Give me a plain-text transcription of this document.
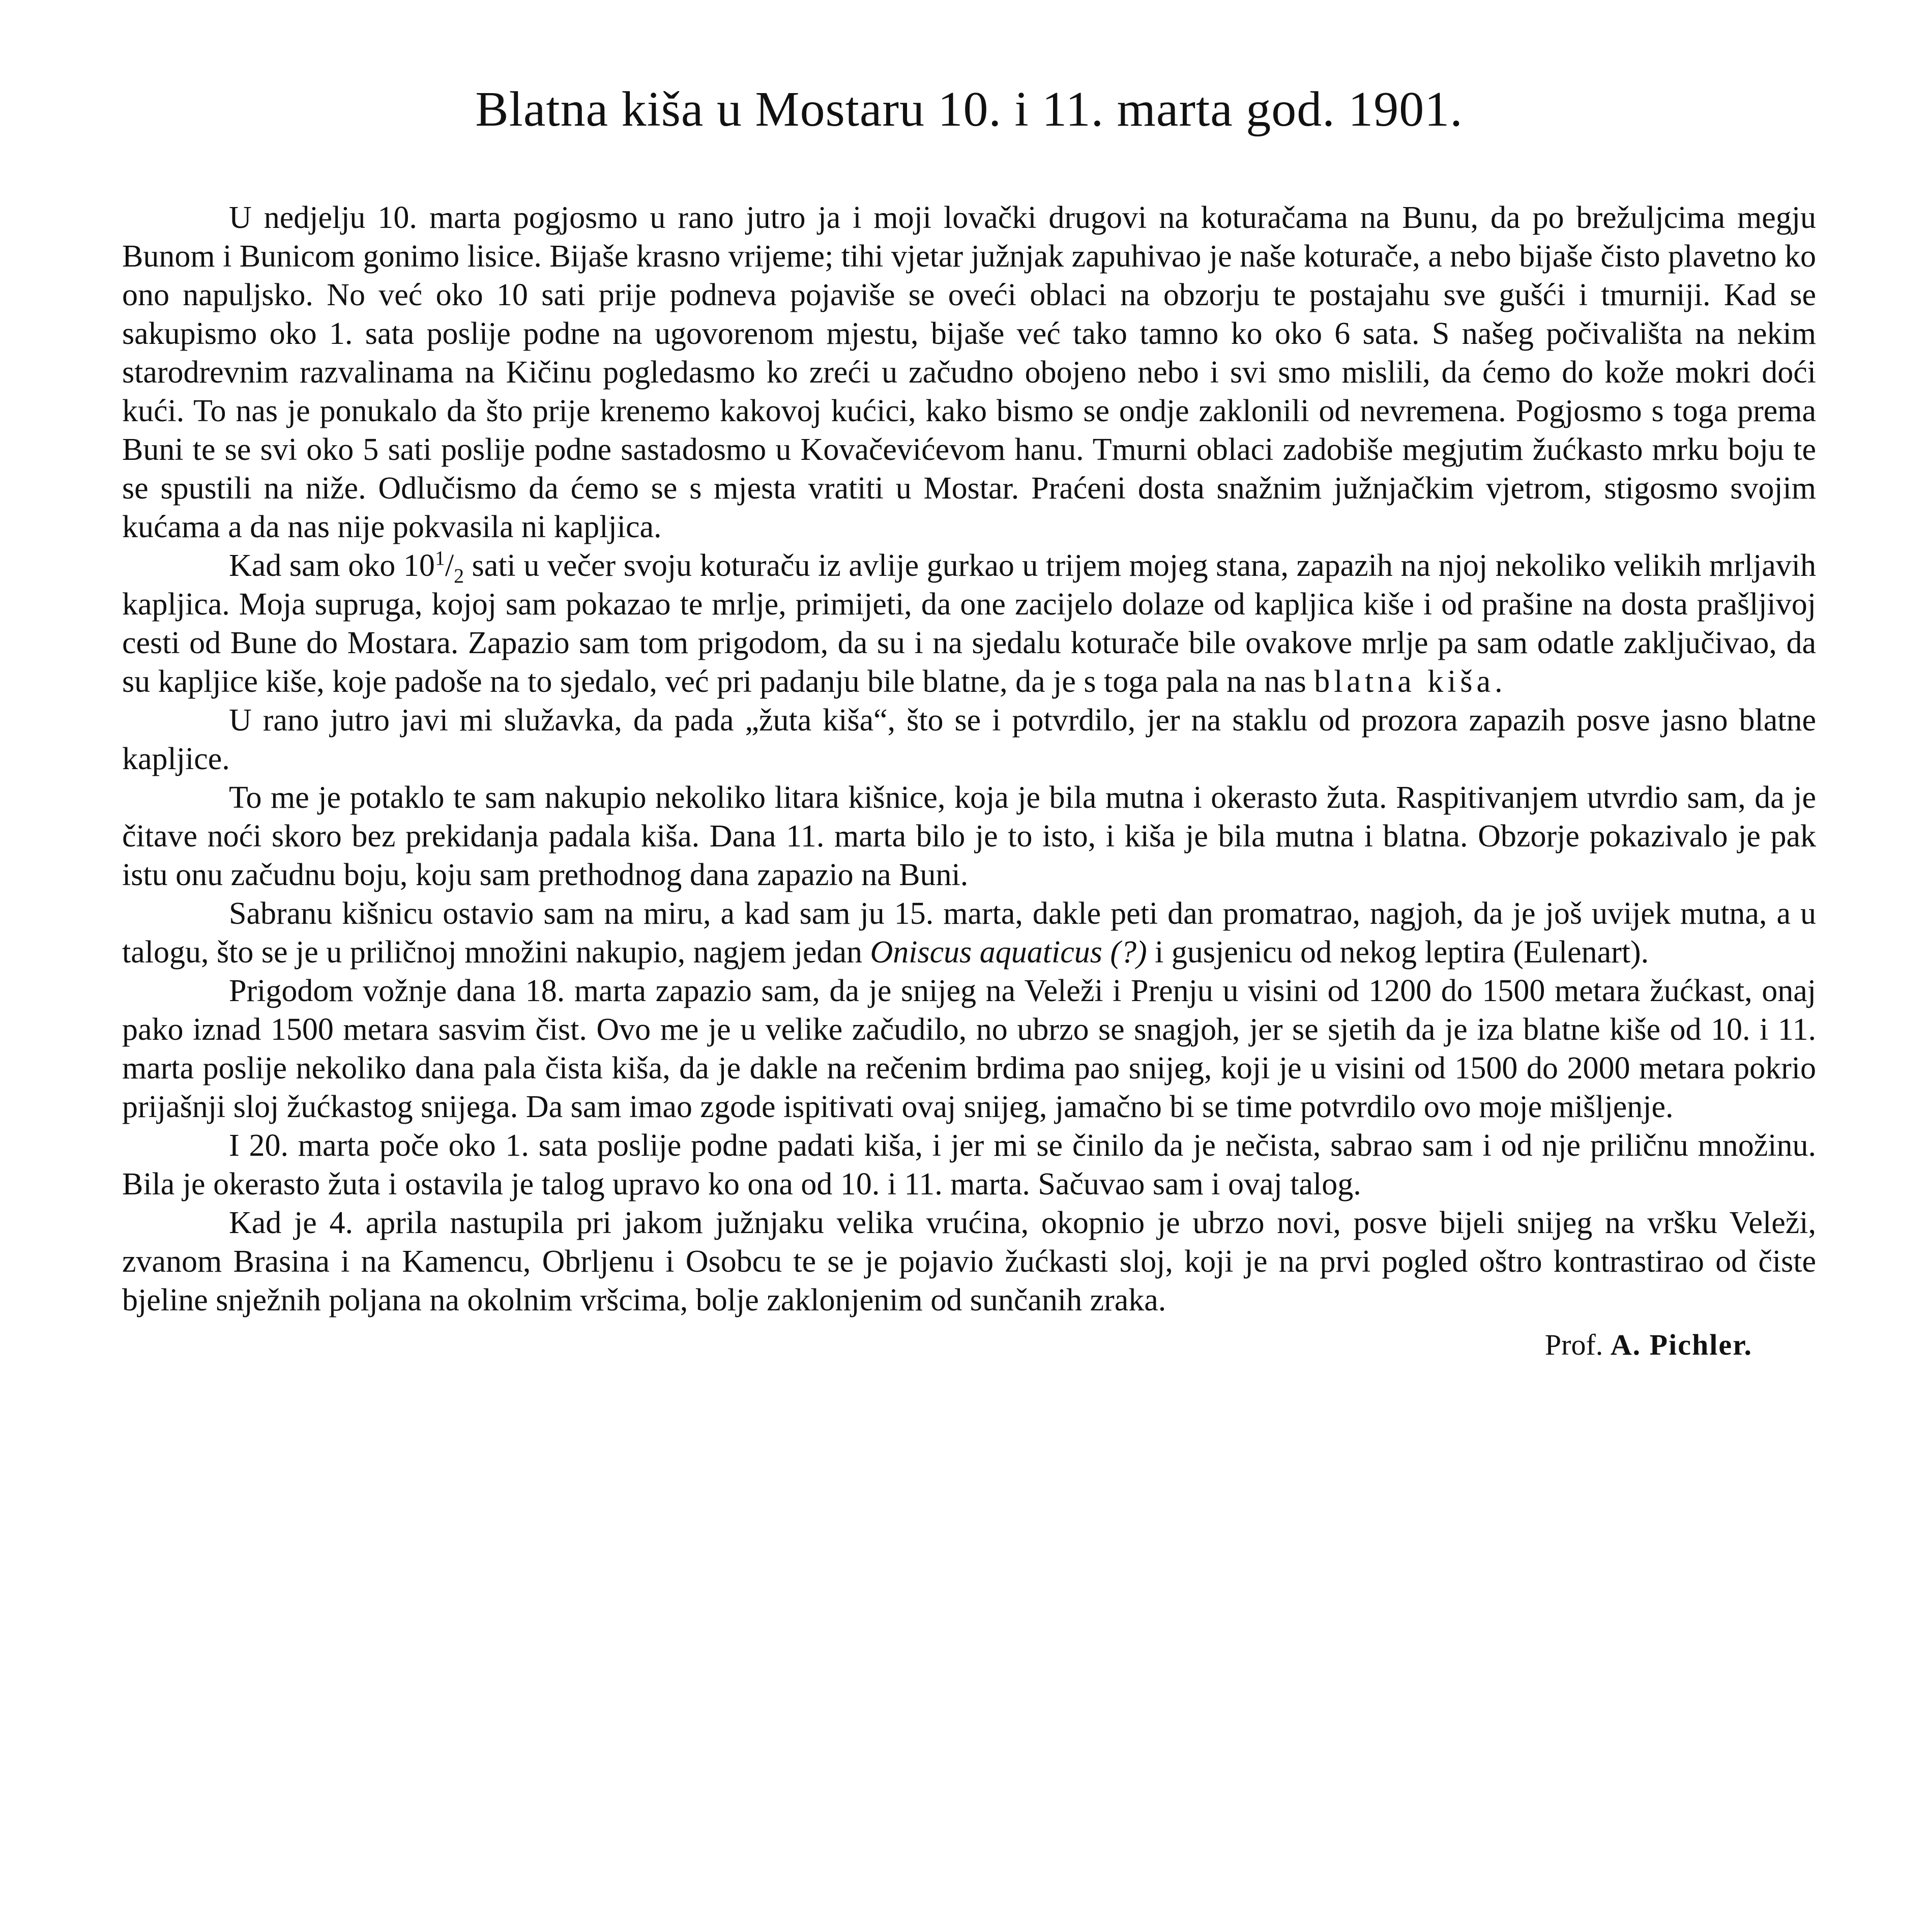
Blatna kiša u Mostaru 10. i 11. marta god. 1901.

U nedjelju 10. marta pogjosmo u rano jutro ja i moji lovački drugovi na koturačama na Bunu, da po brežuljcima megju Bunom i Bunicom gonimo lisice. Bijaše krasno vrijeme; tihi vjetar južnjak zapuhivao je naše koturače, a nebo bijaše čisto plavetno ko ono napuljsko. No već oko 10 sati prije podneva pojaviše se oveći oblaci na obzorju te postajahu sve gušći i tmurniji. Kad se sakupismo oko 1. sata poslije podne na ugovorenom mjestu, bijaše već tako tamno ko oko 6 sata. S našeg počivališta na nekim starodrevnim razvalinama na Kičinu pogledasmo ko zreći u začudno obojeno nebo i svi smo mislili, da ćemo do kože mokri doći kući. To nas je ponukalo da što prije krenemo kakovoj kućici, kako bismo se ondje zaklonili od nevremena. Pogjosmo s toga prema Buni te se svi oko 5 sati poslije podne sastadosmo u Kovačevićevom hanu. Tmurni oblaci zadobiše megjutim žućkasto mrku boju te se spustili na niže. Odlučismo da ćemo se s mjesta vratiti u Mostar. Praćeni dosta snažnim južnjačkim vjetrom, stigosmo svojim kućama a da nas nije pokvasila ni kapljica.

Kad sam oko $10^1/_2$ sati u večer svoju koturaču iz avlije gurkao u trijem mojeg stana, zapazih na njoj nekoliko velikih mrljavih kapljica. Moja supruga, kojoj sam pokazao te mrlje, primijeti, da one zacijelo dolaze od kapljica kiše i od prašine na dosta prašljivoj cesti od Bune do Mostara. Zapazio sam tom prigodom, da su i na sjedalu koturače bile ovakove mrlje pa sam odatle zaključivao, da su kapljice kiše, koje padoše na to sjedalo, već pri padanju bile blatne, da je s toga pala na nas blatna kiša.

U rano jutro javi mi služavka, da pada „žuta kiša“, što se i potvrdilo, jer na staklu od prozora zapazih posve jasno blatne kapljice.

To me je potaklo te sam nakupio nekoliko litara kišnice, koja je bila mutna i okerasto žuta. Raspitivanjem utvrdio sam, da je čitave noći skoro bez prekidanja padala kiša. Dana 11. marta bilo je to isto, i kiša je bila mutna i blatna. Obzorje pokazivalo je pak istu onu začudnu boju, koju sam prethodnog dana zapazio na Buni.

Sabranu kišnicu ostavio sam na miru, a kad sam ju 15. marta, dakle peti dan promatrao, nagjoh, da je još uvijek mutna, a u talogu, što se je u priličnoj množini nakupio, nagjem jedan Oniscus aquaticus (?) i gusjenicu od nekog leptira (Eulenart).

Prigodom vožnje dana 18. marta zapazio sam, da je snijeg na Veleži i Prenju u visini od 1200 do 1500 metara žućkast, onaj pako iznad 1500 metara sasvim čist. Ovo me je u velike začudilo, no ubrzo se snagjoh, jer se sjetih da je iza blatne kiše od 10. i 11. marta poslije nekoliko dana pala čista kiša, da je dakle na rečenim brdima pao snijeg, koji je u visini od 1500 do 2000 metara pokrio prijašnji sloj žućkastog snijega. Da sam imao zgode ispitivati ovaj snijeg, jamačno bi se time potvrdilo ovo moje mišljenje.

I 20. marta poče oko 1. sata poslije podne padati kiša, i jer mi se činilo da je nečista, sabrao sam i od nje priličnu množinu. Bila je okerasto žuta i ostavila je talog upravo ko ona od 10. i 11. marta. Sačuvao sam i ovaj talog.

Kad je 4. aprila nastupila pri jakom južnjaku velika vrućina, okopnio je ubrzo novi, posve bijeli snijeg na vršku Veleži, zvanom Brasina i na Kamencu, Obrljenu i Osobcu te se je pojavio žućkasti sloj, koji je na prvi pogled oštro kontrastirao od čiste bjeline snježnih poljana na okolnim vršcima, bolje zaklonjenim od sunčanih zraka.

Prof. A. Pichler.
